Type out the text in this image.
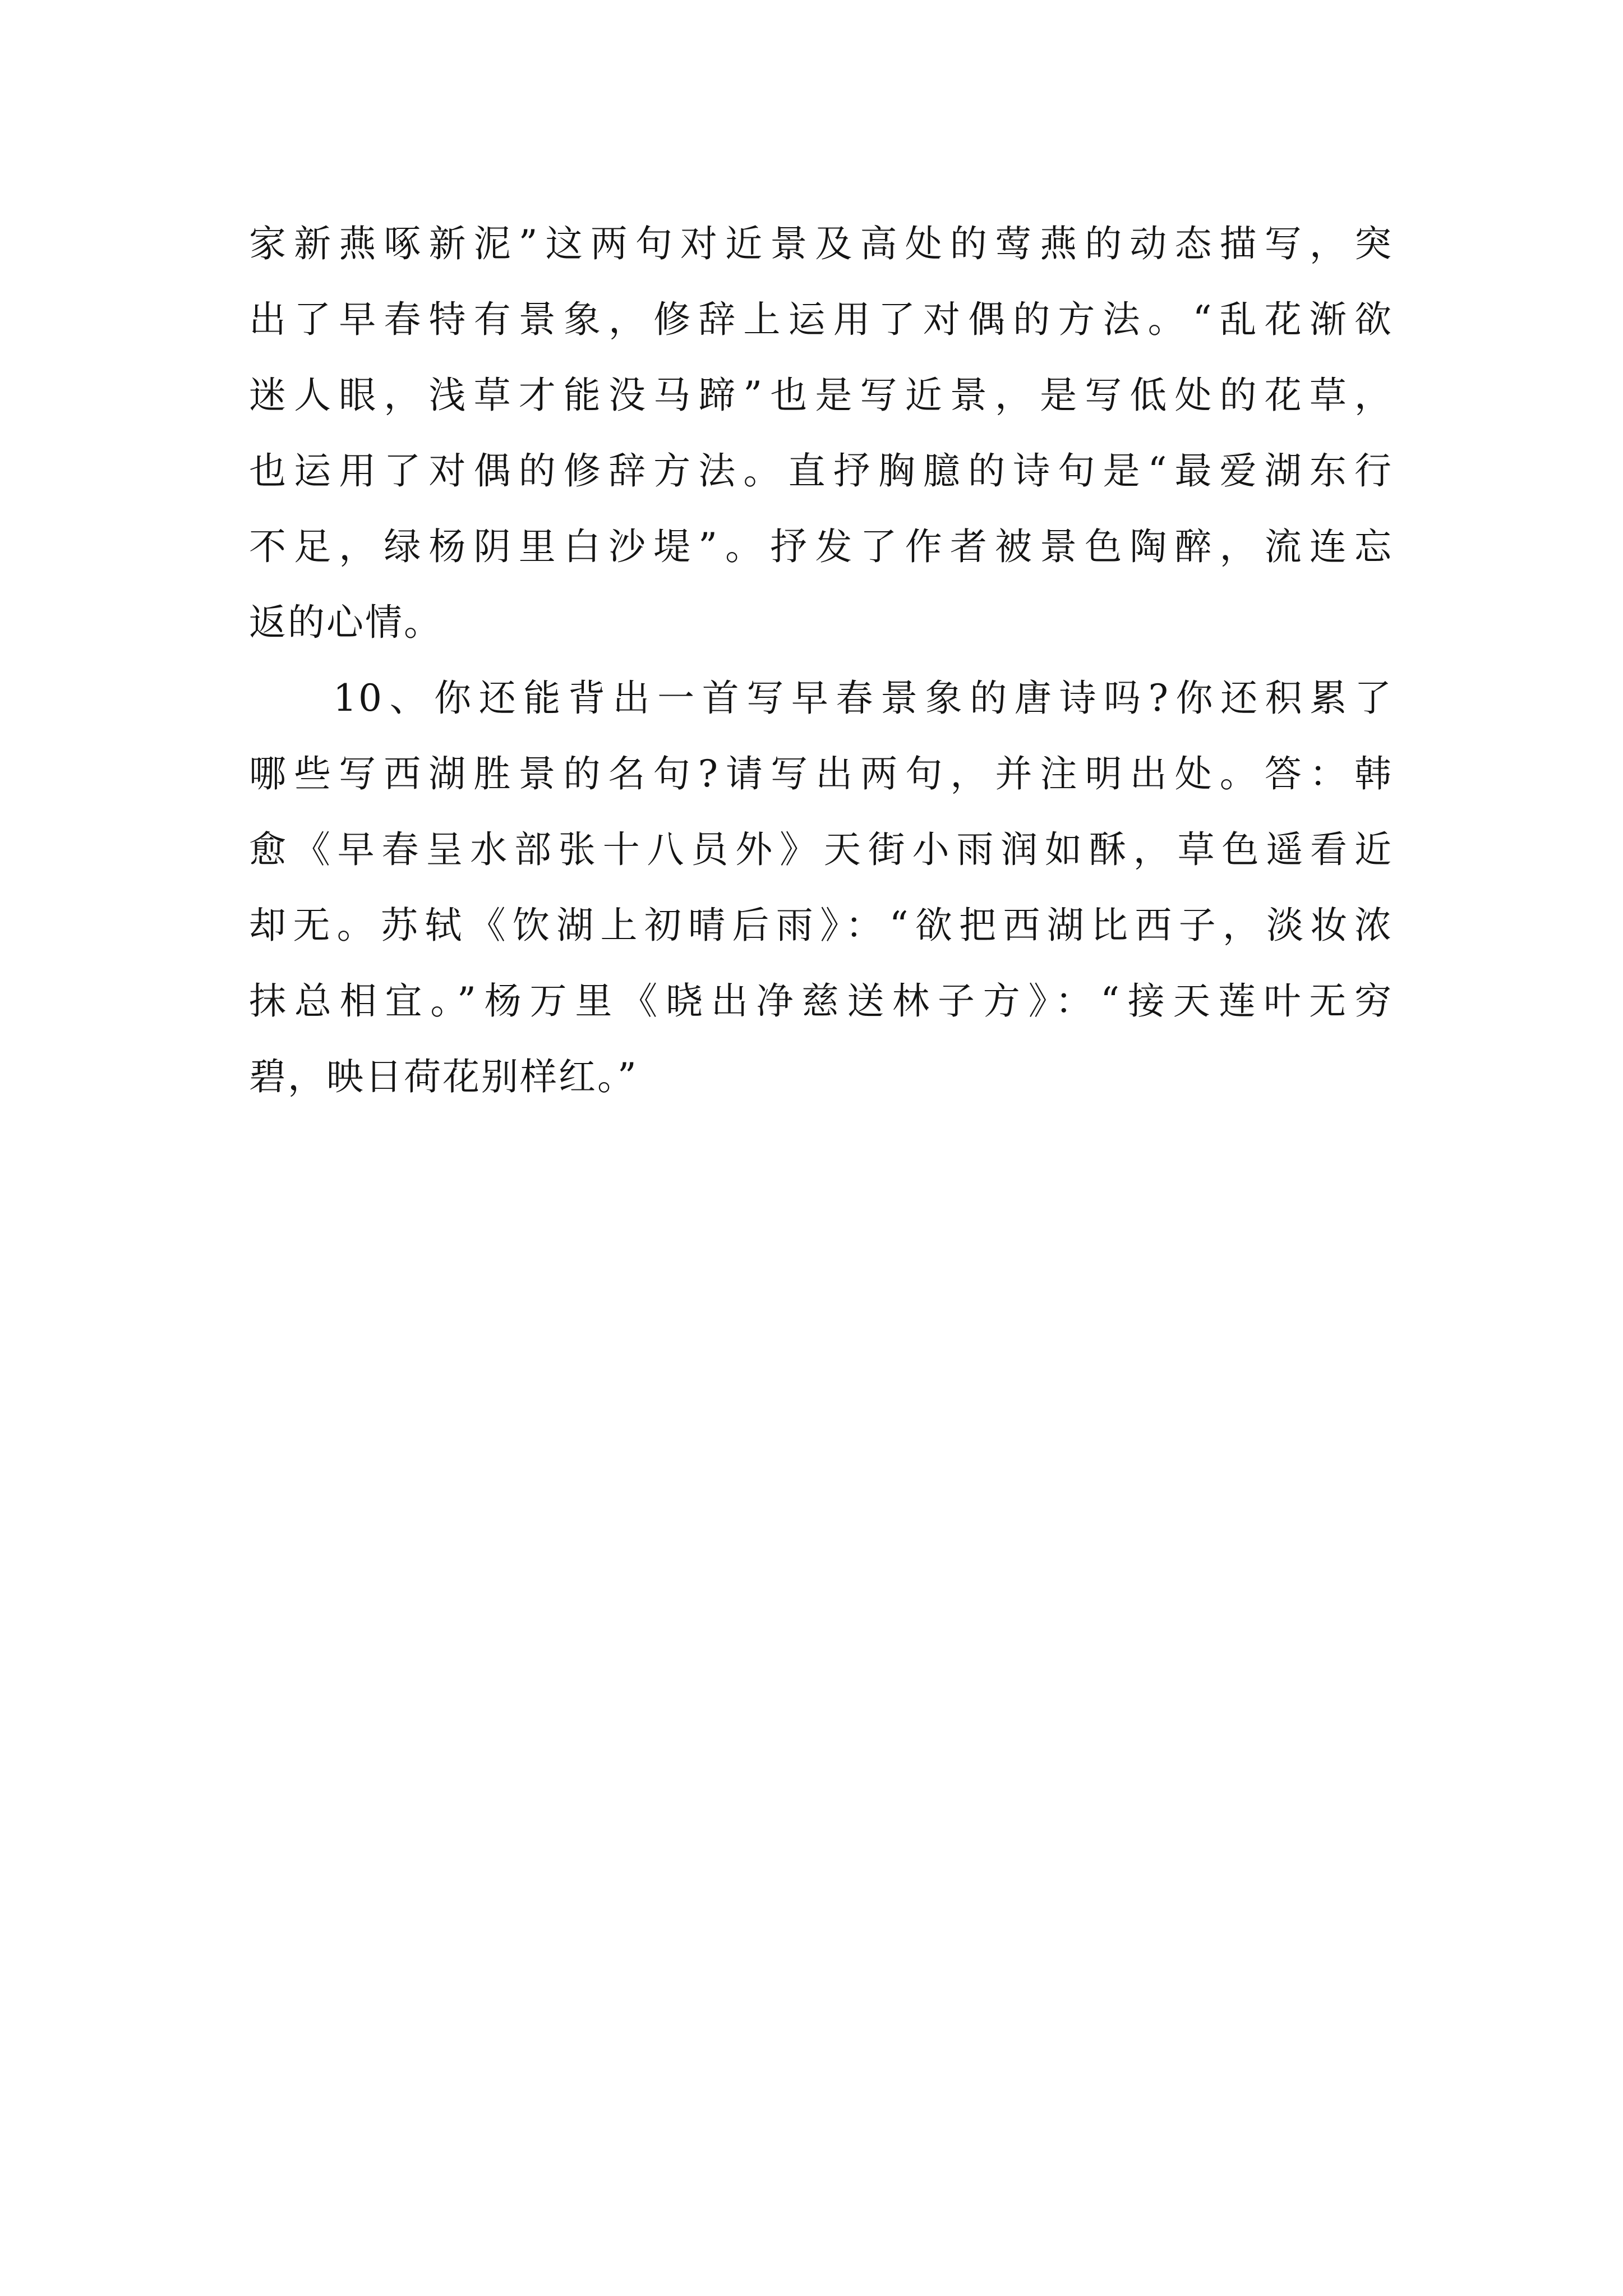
家新燕啄新泥”这两句对近景及高处的莺燕的动态描写，突
出了早春特有景象，修辞上运用了对偶的方法。“乱花渐欲
迷人眼，浅草才能没马蹄”也是写近景，是写低处的花草，
也运用了对偶的修辞方法。直抒胸臆的诗句是“最爱湖东行
不足，绿杨阴里白沙堤”。抒发了作者被景色陶醉，流连忘
返的心情。
10、你还能背出一首写早春景象的唐诗吗?你还积累了
哪些写西湖胜景的名句?请写出两句，并注明出处。答：韩
愈《早春呈水部张十八员外》天街小雨润如酥，草色遥看近
却无。苏轼《饮湖上初晴后雨》：“欲把西湖比西子，淡妆浓
抹总相宜。”杨万里《晓出净慈送林子方》：“接天莲叶无穷
碧，映日荷花别样红。”
